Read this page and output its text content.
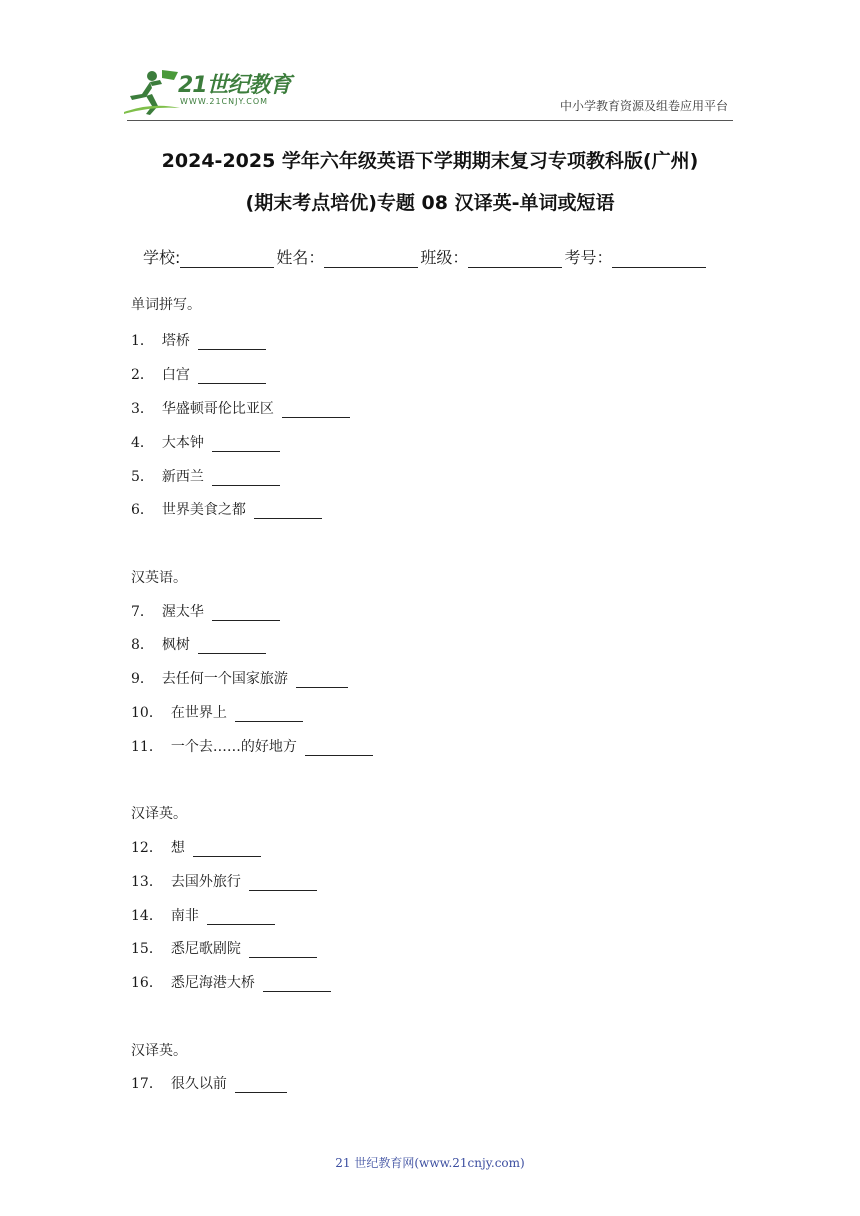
21世纪教育
WWW.21CNJY.COM	中小学教育资源及组卷应用平台
2024-2025 学年六年级英语下学期期末复习专项教科版(广州)
(期末考点培优)专题 08 汉译英-单词或短语
学校:	姓名：	班级：	考号：
单词拼写。
1． 塔桥
2． 白宫
3． 华盛顿哥伦比亚区
4． 大本钟
5． 新西兰
6． 世界美食之都
汉英语。
7． 渥太华
8． 枫树
9． 去任何一个国家旅游
10． 在世界上
11． 一个去……的好地方
汉译英。
12． 想
13． 去国外旅行
14． 南非
15． 悉尼歌剧院
16． 悉尼海港大桥
汉译英。
17． 很久以前
21 世纪教育网(www.21cnjy.com)
